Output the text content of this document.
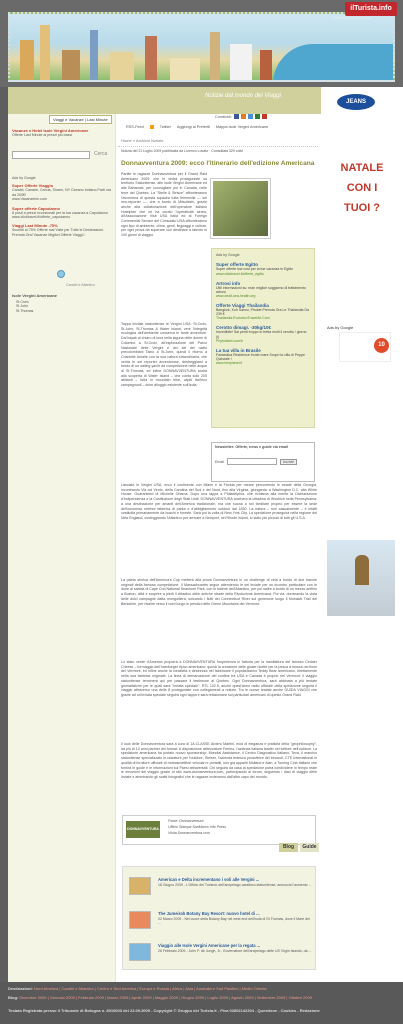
ilTurista.info
TURISTA.INFO.MAGAZINE
Notizie dal mondo dei Viaggi
Viaggi e Vacanze | Last Minute
Vacanze e Hotel Isole Vergini Americane
Offerte Last Minute ai prezzi più bassi
Cerca
Ads by Google
Super Offerte Viaggio
Caraibi, Canarie, Grecia, Sharm, NY Oceano Indiano.Parti ora da 200€!
www.Vacanzeinn.com
Super offerte Capodanno
8 posti a prezzi eccezionali per la tua vacanza a Capodanno
www.clicktravel.it/offerte_capodanno
Viaggi Last Minute -75%
Scontiti al 75% Offerte mai Viste per Tutte le Destinazioni. Prenota Ora! Vacanze Migliori Offerte Viaggi I
Caraibi e Atlantico
Isole Vergini Americane
St Croix
St John
St Thomas
Condividi:
RSS-Feed	Twitter Aggiungi ai Preferiti Mappa Isole Vergini Americane
Home » Archivio Notizie
Notizia del 21 Luglio 2009 pubblicata da Lorenzo Lovato · Consultata 329 volte
Donnavventura 2009: ecco l'itinerario dell'edizione Americana
Partite le ragazze Donnavventura per il Grand Raid Americano 2009, che le vedrà protagoniste su territorio Statunitense, alle Isole Vergini Americane ed alle Bahamas, per convogliare poi in Canada, nelle terre del Quebec. La "Stelle & Strisce" affronteranno l'avventura di questa squadra tutta femminile — sei neo-reporter —, che a bordo di Mitsubishi, grazie anche alla collaborazione dell'operatore italiano Hotelplan che ne ha curato l'operatività aerea, all'Associazione Visit USA Italia ed al Foreign Commercial Service del Consolato USA affronteranno ogni tipo di ambiente, clima, genti, linguaggi e culture, per ogni prova da superare con destinare a talento in 100 giorni di viaggio.
Ads by Google
Super offerte Egitto
Super offerte low cost per la tue vacanza in Egitto
www.clicktravel.it/offerte_egitto
Artrosi info
Utili informazioni su: man migliori soggiorno di trattamento artrosi
www.dealt-sea-health.org
Offerte Viaggi Thailandia
Bangkok, Koh Samui, Phuket Prenota Ora Le Thailandia Da 239 €
Thailandia.EvolutionTravelAir.Com
Cerotto dimagr. -30kg/10€
Incredibile! Sai perdi troppo in fretta molti il cerotto / giorno (i)
Phytolabel.com/it
La tua villa in Brasile
Fantastica Residence fronte mare Scopri la villa di Peppe Quinzale !
www.lmnplanet.it
Tappa iniziale statunitense le Vergini USA: St.Croix, St.John, St.Thomas & Water Island, vere l'integrità ecologica dell'ambiente conserva le tante avventure. Dal kayak al chiaro di luna nella laguna delle donne di Colombo a St.Croix, all'esplorazione del Parco Nazionale delle Vergini e dei siti dei nativi precolombiani Taino a St.John, quindi il ritorno a Charlotte Amalie con la sua natura straordinaria, che vedrà le sei reporter avventurose, destreggiarsi a bordo di un sailing yacht da competizione nelle acque di St.Thomas, ed infine DONNAVVENTURA andrà alla scoperta di Water Island – che conta solo 200 abitanti – tutta in mountain bike, capiti dall'eco campagnuoli – dove alloggio esistente sull'isola.
Newsletter: Offerte, news e guide via email
Email	Iscriviti
Lasciate le Vergini USA, ecco il continente con Miami e la Florida per mirare percorrendo le strade della Georgia, incontrando Via col Vento, della Carolina del Sud e del Nord, fino alla Virginia, giungendo a Washington D.C. alla White House. Guaranteed di Michelle Obama. Dopo una tappa a Philadelphia, che richiama alla mente la Dichiarazione d'Indipendenza e la Costituzione degli Stati Uniti, DONNAVVENTURA tocchera la cittadina di Woolrich nella Pennsylvania: a una destinazione per amanti dell'America tradizionale, ma che suona a noi familiare proprio per essere la sede dell'omonima celebre fabbrica di parka e d'abbigliamento outdoor dal 1830. La natura – non casualmente – è infatti costituita primariamente da boschi e foreste. Sarà poi la volta di New York City. La spedizione proseguirà nella regione del New England, costeggiando l'Atlantico per arrivare a Newport, nel Rhode Island, lo stato più piccolo di tutti gli U.S.A.
La patria storica dell'America's Cup metterà alla prova Donnavventura in un challenge di vela a bordo di due barche originali della famosa competizione. Il Massachusetts segue attendendo le sei inviate per un incontro particolare con le dune di sabbia di Cape Cod National Seashore Park, con le balene dell'Atlantico, per poi salire a bordo di un mezzo anfibio a Boston, città e scoprire a piedi il cittadino delle antiche strade della Rivoluzione Americana. Poi via, dominando la vista delle dolci campagne datta mongolfiera, solcando i flutti del Connecticut River sul gommone lungo Il Mohawk Trail del Berkshire, per risalire verso il nord lungo le pendici delle Green Mountains del Vermont.
Lo stato verde d'America proporrà a DONNAVVENTURA l'esperienza in fattoria per la manifattura del famoso Cedder Cheese – formaggio dell'hamburger tipico americano; quindi la creazione delle giuste ricette per la pesca a mosca nei fiumi del Vermont, ed infine anche la creatività e destrezza nel fabbricare il popolarissimo Teddy Bear americano, direttamente nella sua fabbrica originale. La linea di demarcazione del confine tra USA e Canada è proprio nel Vermont: il viaggio statunitense terminerà qui per passare il testimone al Quebec. Ogni Donnavventura, sarà abbinata a più testate giornalistiche per le quali sarà "inviata speciale". RTL 102.5, anche quest'anno radio ufficiale della spedizione seguirà il viaggio attraverso una delle 8 protagoniste con collegamenti a notizie. Tra le nuove testate anche GUIDA VIAGGI che grazie ad un'inviata speciale seguirà ogni tappa e sarà relazionarsi sui particolari americani di questo Grand Raid.
Il look delle Donnavventura sarà a cura di 1A CLASSE Alviero Martini, mod di eleganza e praticità della "geophilosophy", da più di 10 anni partner del format. A disposizione attrezzature Ferrino, l'azienda italiana leader nel settore dell'outdoor. La spedizione americana ha portato nuovo sponsorship: Mondial Assistance, il Centro Diagnostico Italiano, Teva, il marchio statunitense specializzato in calzature per l'outdoor; Steiner, l'azienda tedesca produttrice dei binocoli, CTE International in qualità di fornitore ufficiale di motrasmettitori veicolari e portatili, non già appariti Midland e Alan, a Touring Club Italiano che fornirà le guide e le informazioni sui Paesi attraversati. Chi seguirà da casa la spedizione potrà condividere in tempo reale le emozioni del viaggio grazie al sito www.donnavventura.com, partecipando ai forum, seguendo i diari di viaggio delle inviate e ammirando gli scatti fotografici che le ragazze invieranno dall'altro capo del mondo.
DONNAVVENTURA
Fonte: Donnavventura
Ufficio Stampa SanMarco Info Press
Visita Donnavventura.com
Blog	Guide
American e Delta incrementano i voli alle Vergini ...
18 Giugno 2009 - L'Ufficio del Turismo dell'arcipelago caraibico statunitense, annuncia l'aumento ...
The Jumeirah Botany Bay Resort: nuovo hotel di ...
02 Marzo 2009 - Nel cuore della Botany Bay nel west end dell'isola di St.Thomas, dove il Mare dei ...
Viaggio alle Isole Vergini Americane per la regata ...
26 Febbraio 2009 - John P. de Jongh, Jr., Governatore dell'arcipelago delle US Virgin Islands, da ...
JEANS
NATALE
CON I
TUOI ?
Ads by Google
10
Destinazioni: Nord America | Caraibi e Atlantico | Centro e Sud America | Europa e Russia | Africa | Asia | Australia e Sud Pacifico | Medio Oriente
Blog: Dicembre 2009 | Gennaio 2009 | Febbraio 2009 | Marzo 2009 | Aprile 2009 | Maggio 2009 | Giugno 2009 | Luglio 2009 | Agosto 2009 | Settembre 2009 | Ottobre 2009
Testata Registrata presso il Tribunale di Bologna n. 8010003 del 22.09.2009 - Copyright © Gruppo dei Turista.it - Piva 02802142204 - Questione - Cookies - Redazione
